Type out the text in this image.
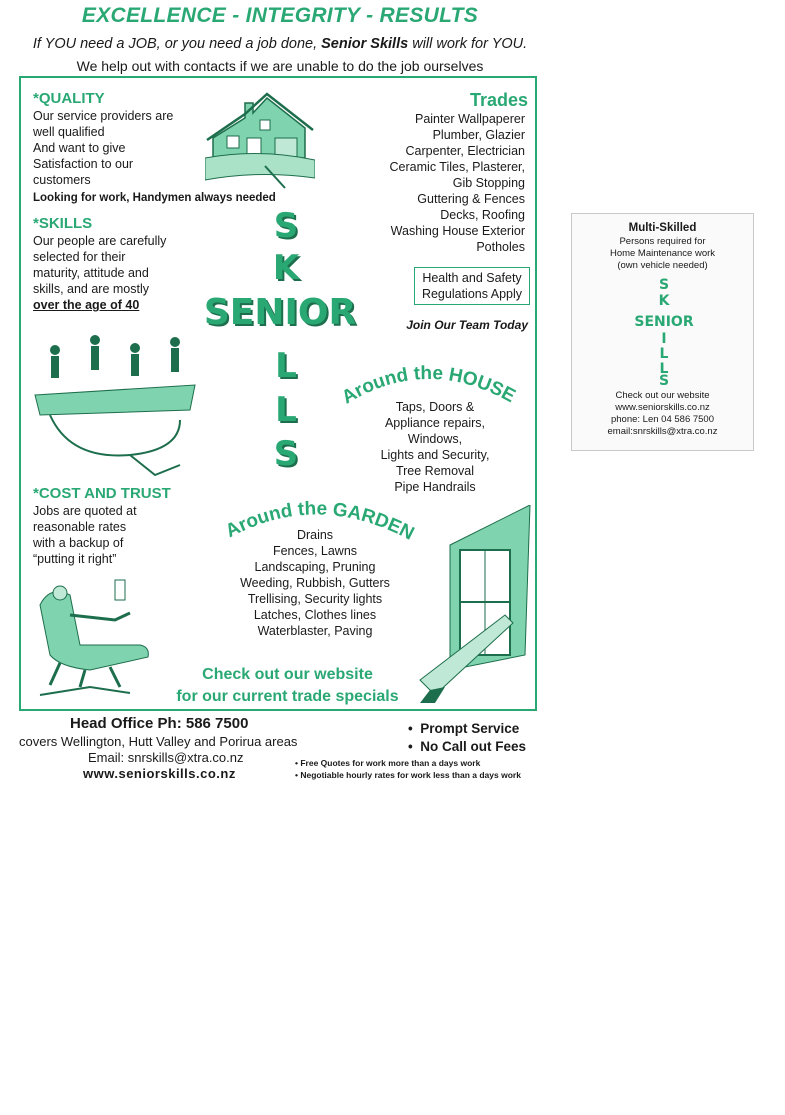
EXCELLENCE - INTEGRITY - RESULTS
If YOU need a JOB, or you need a job done, Senior Skills will work for YOU.
We help out with contacts if we are unable to do the job ourselves
*QUALITY
Our service providers are
well qualified
And want to give
Satisfaction to our
customers
Looking for work, Handymen always needed
*SKILLS
Our people are carefully
selected for their
maturity, attitude and
skills, and are mostly
over the age of 40
Trades
Painter Wallpaperer
Plumber, Glazier
Carpenter, Electrician
Ceramic Tiles, Plasterer,
Gib Stopping
Guttering & Fences
Decks, Roofing
Washing House Exterior
Potholes
Health and Safety
Regulations Apply
Join Our Team Today
S
K
SENIOR
L
L
S
Around the HOUSE
Taps, Doors &
Appliance repairs,
Windows,
Lights and Security,
Tree Removal
Pipe Handrails
*COST AND TRUST
Jobs are quoted at
reasonable rates
with a backup of
“putting it right”
Around the GARDEN
Drains
Fences, Lawns
Landscaping, Pruning
Weeding, Rubbish, Gutters
Trellising, Security lights
Latches, Clothes lines
Waterblaster, Paving
Check out our website
for our current trade specials
Head Office Ph: 586 7500
covers Wellington, Hutt Valley and Porirua areas
Email: snrskills@xtra.co.nz
www.seniorskills.co.nz
•  Prompt Service
•  No Call out Fees
• Free Quotes for work more than a days work
• Negotiable hourly rates for work less than a days work
Multi-Skilled
Persons required for
Home Maintenance work
(own vehicle needed)
S
K
SENIOR
I
L
L
S
Check out our website
www.seniorskills.co.nz
phone: Len 04 586 7500
email:snrskills@xtra.co.nz
